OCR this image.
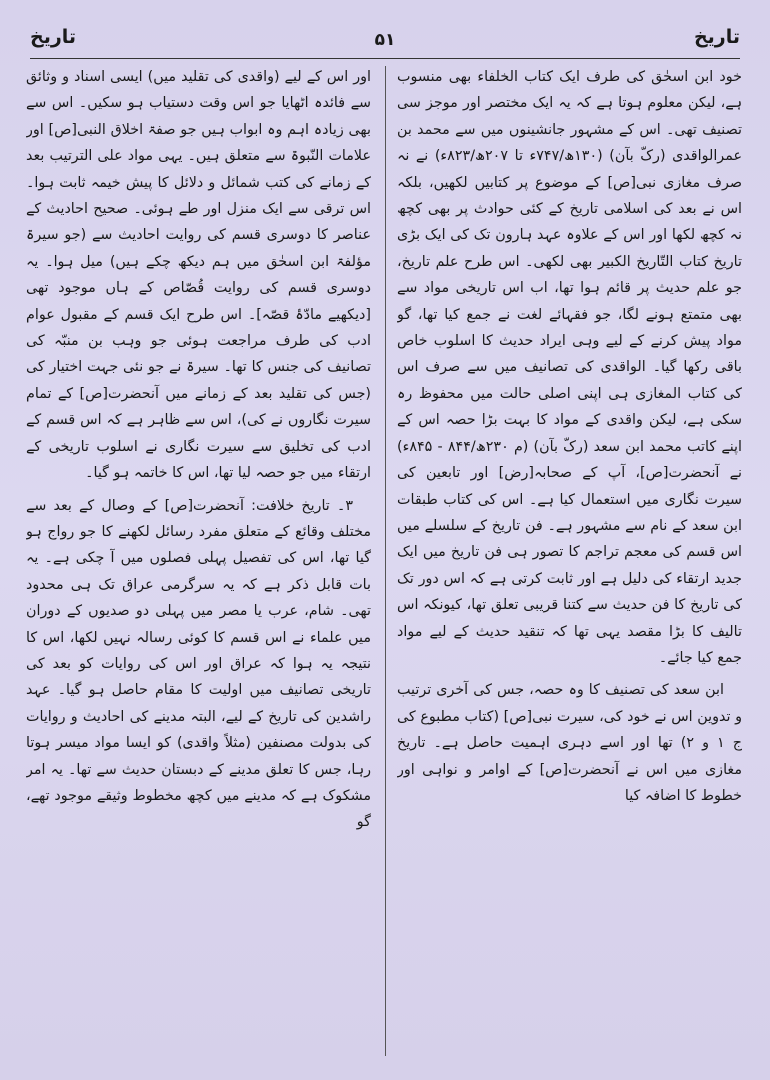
تاریخ
۵۱
تاریخ

خود ابن اسحٰق کی طرف ایک کتاب الخلفاء بھی منسوب ہے، لیکن معلوم ہوتا ہے کہ یہ ایک مختصر اور موجز سی تصنیف تھی۔ اس کے مشہور جانشینوں میں سے محمد بن عمرالواقدی (رکّ بآن) (۱۳۰ھ/۷۴۷ء تا ۲۰۷ھ/۸۲۳ء) نے نہ صرف مغازی نبی[ص] کے موضوع پر کتابیں لکھیں، بلکہ اس نے بعد کی اسلامی تاریخ کے کئی حوادث پر بھی کچھ نہ کچھ لکھا اور اس کے علاوہ عہد ہارون تک کی ایک بڑی تاریخ کتاب التّاریخ الکبیر بھی لکھی۔ اس طرح علم تاریخ، جو علم حدیث پر قائم ہوا تھا، اب اس تاریخی مواد سے بھی متمتع ہونے لگا، جو فقہائے لغت نے جمع کیا تھا، گو مواد پیش کرنے کے لیے وہی ایراد حدیث کا اسلوب خاص باقی رکھا گیا۔ الواقدی کی تصانیف میں سے صرف اس کی کتاب المغازی ہی اپنی اصلی حالت میں محفوظ رہ سکی ہے، لیکن واقدی کے مواد کا بہت بڑا حصہ اس کے اپنے کاتب محمد ابن سعد (رکّ بآن) (م ۲۳۰ھ/۸۴۴ - ۸۴۵ء) نے آنحضرت[ص]، آپ کے صحابہ[رض] اور تابعین کی سیرت نگاری میں استعمال کیا ہے۔ اس کی کتاب طبقات ابن سعد کے نام سے مشہور ہے۔ فن تاریخ کے سلسلے میں اس قسم کی معجم تراجم کا تصور ہی فن تاریخ میں ایک جدید ارتقاء کی دلیل ہے اور ثابت کرتی ہے کہ اس دور تک کی تاریخ کا فن حدیث سے کتنا قریبی تعلق تھا، کیونکہ اس تالیف کا بڑا مقصد یہی تھا کہ تنقید حدیث کے لیے مواد جمع کیا جائے۔

ابن سعد کی تصنیف کا وہ حصہ، جس کی آخری ترتیب و تدوین اس نے خود کی، سیرت نبی[ص] (کتاب مطبوع کی ج ۱ و ۲) تھا اور اسے دہری اہمیت حاصل ہے۔ تاریخ مغازی میں اس نے آنحضرت[ص] کے اوامر و نواہی اور خطوط کا اضافہ کیا

اور اس کے لیے (واقدی کی تقلید میں) ایسی اسناد و وثائق سے فائدہ اٹھایا جو اس وقت دستیاب ہو سکیں۔ اس سے بھی زیادہ اہم وہ ابواب ہیں جو صفۃ اخلاق النبی[ص] اور علامات النّبوۃ سے متعلق ہیں۔ یہی مواد علی الترتیب بعد کے زمانے کی کتب شمائل و دلائل کا پیش خیمہ ثابت ہوا۔ اس ترقی سے ایک منزل اور طے ہوئی۔ صحیح احادیث کے عناصر کا دوسری قسم کی روایت احادیث سے (جو سیرۃ مؤلفۃ ابن اسحٰق میں ہم دیکھ چکے ہیں) میل ہوا۔ یہ دوسری قسم کی روایت قُصّاص کے ہاں موجود تھی [دیکھیے مادّۂ قصّہ]۔ اس طرح ایک قسم کے مقبول عوام ادب کی طرف مراجعت ہوئی جو وہب بن منبّہ کی تصانیف کی جنس کا تھا۔ سیرۃ نے جو نئی جہت اختیار کی (جس کی تقلید بعد کے زمانے میں آنحضرت[ص] کے تمام سیرت نگاروں نے کی)، اس سے ظاہر ہے کہ اس قسم کے ادب کی تخلیق سے سیرت نگاری نے اسلوب تاریخی کے ارتقاء میں جو حصہ لیا تھا، اس کا خاتمہ ہو گیا۔

۳۔ تاریخ خلافت: آنحضرت[ص] کے وصال کے بعد سے مختلف وقائع کے متعلق مفرد رسائل لکھنے کا جو رواج ہو گیا تھا، اس کی تفصیل پہلی فصلوں میں آ چکی ہے۔ یہ بات قابل ذکر ہے کہ یہ سرگرمی عراق تک ہی محدود تھی۔ شام، عرب یا مصر میں پہلی دو صدیوں کے دوران میں علماء نے اس قسم کا کوئی رسالہ نہیں لکھا، اس کا نتیجہ یہ ہوا کہ عراق اور اس کی روایات کو بعد کی تاریخی تصانیف میں اولیت کا مقام حاصل ہو گیا۔ عہد راشدین کی تاریخ کے لیے، البتہ مدینے کی احادیث و روایات کی بدولت مصنفین (مثلاً واقدی) کو ایسا مواد میسر ہوتا رہا، جس کا تعلق مدینے کے دبستان حدیث سے تھا۔ یہ امر مشکوک ہے کہ مدینے میں کچھ مخطوط وثیقے موجود تھے، گو
